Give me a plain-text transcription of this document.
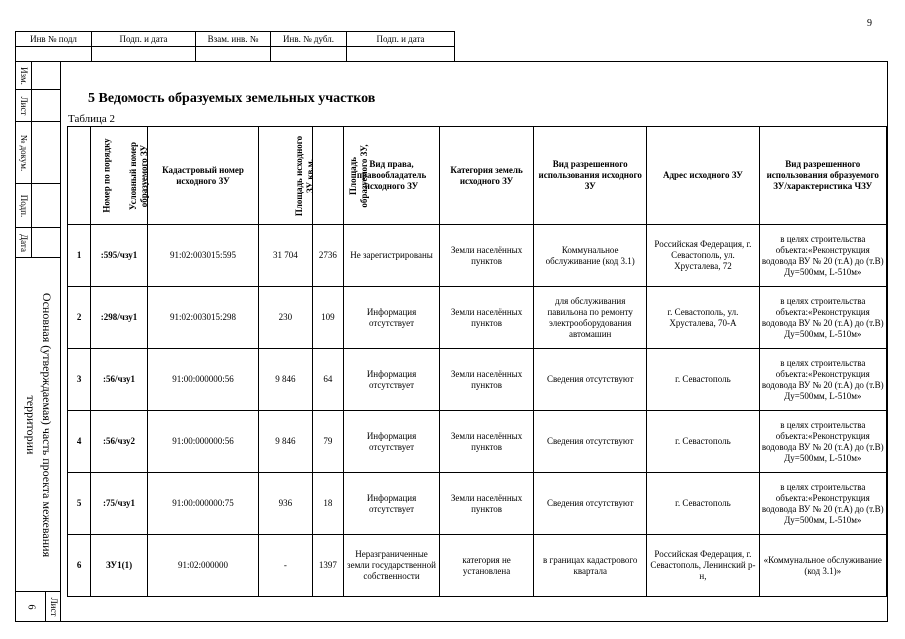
9
Инв № подл	Подп. и дата	Взам. инв. №	Инв. № дубл.	Подп. и дата

Изм.
Лист
№ докум.
Подп.
Дата
Основная (утверждаемая) часть проекта межевания территории
6 Лист
5 Ведомость образуемых земельных участков
Таблица 2
Номер по порядку	Условный номер образуемого ЗУ	Кадастровый номер исходного ЗУ	Площадь исходного ЗУ кв.м.	Площадь образуемого ЗУ,	Вид права, правообладатель исходного ЗУ	Категория земель исходного ЗУ	Вид разрешенного использования исходного ЗУ	Адрес исходного ЗУ	Вид разрешенного использования образуемого ЗУ/характеристика ЧЗУ
1	:595/чзу1	91:02:003015:595	31 704	2736	Не зарегистрированы	Земли населённых пунктов	Коммунальное обслуживание (код 3.1)	Российская Федерация, г. Севастополь, ул. Хрусталева, 72	в целях строительства объекта:«Реконструкция водовода ВУ № 20 (т.А) до (т.В) Ду=500мм, L-510м»
2	:298/чзу1	91:02:003015:298	230	109	Информация отсутствует	Земли населённых пунктов	для обслуживания павильона по ремонту электрооборудования автомашин	г. Севастополь, ул. Хрусталева, 70-А	в целях строительства объекта:«Реконструкция водовода ВУ № 20 (т.А) до (т.В) Ду=500мм, L-510м»
3	:56/чзу1	91:00:000000:56	9 846	64	Информация отсутствует	Земли населённых пунктов	Сведения отсутствуют	г. Севастополь	в целях строительства объекта:«Реконструкция водовода ВУ № 20 (т.А) до (т.В) Ду=500мм, L-510м»
4	:56/чзу2	91:00:000000:56	9 846	79	Информация отсутствует	Земли населённых пунктов	Сведения отсутствуют	г. Севастополь	в целях строительства объекта:«Реконструкция водовода ВУ № 20 (т.А) до (т.В) Ду=500мм, L-510м»
5	:75/чзу1	91:00:000000:75	936	18	Информация отсутствует	Земли населённых пунктов	Сведения отсутствуют	г. Севастополь	в целях строительства объекта:«Реконструкция водовода ВУ № 20 (т.А) до (т.В) Ду=500мм, L-510м»
6	ЗУ1(1)	91:02:000000	-	1397	Неразграниченные земли государственной собственности	категория не установлена	в границах кадастрового квартала	Российская Федерация, г. Севастополь, Ленинский р-н,	«Коммунальное обслуживание (код 3.1)»
